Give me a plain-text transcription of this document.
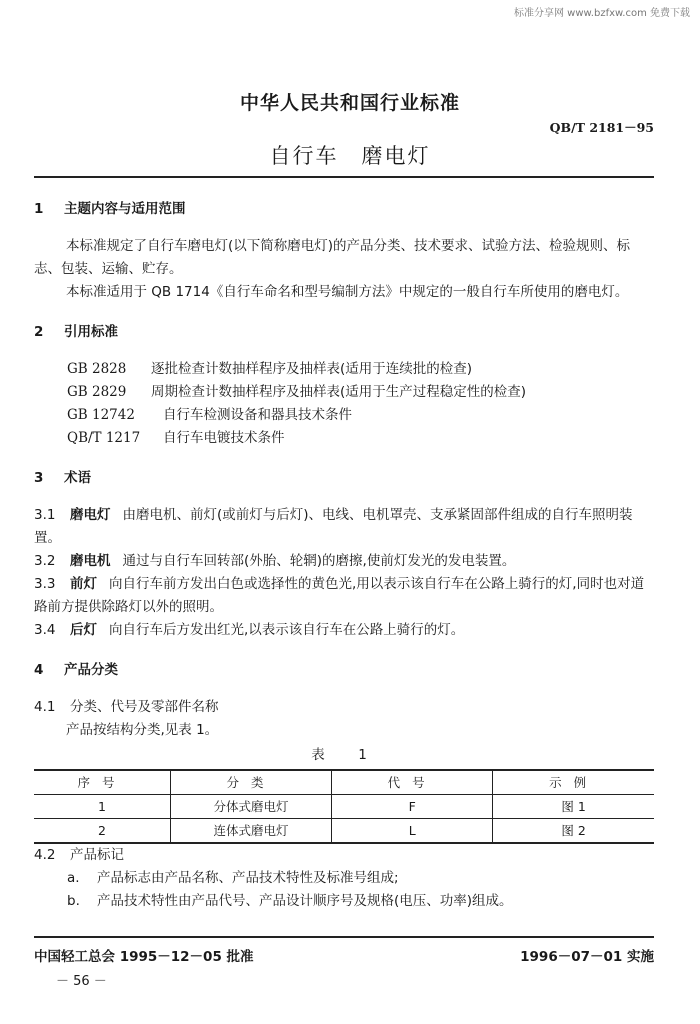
标准分享网 www.bzfxw.com 免费下载
中华人民共和国行业标准
QB/T 2181－95
自行车　磨电灯
1 主题内容与适用范围

本标准规定了自行车磨电灯(以下简称磨电灯)的产品分类、技术要求、试验方法、检验规则、标志、包装、运输、贮存。

本标准适用于 QB 1714《自行车命名和型号编制方法》中规定的一般自行车所使用的磨电灯。

2 引用标准

GB 2828 逐批检查计数抽样程序及抽样表(适用于连续批的检查)

GB 2829 周期检查计数抽样程序及抽样表(适用于生产过程稳定性的检查)

GB 12742 自行车检测设备和器具技术条件

QB/T 1217 自行车电镀技术条件

3 术语

3.1 磨电灯 由磨电机、前灯(或前灯与后灯)、电线、电机罩壳、支承紧固部件组成的自行车照明装置。

3.2 磨电机 通过与自行车回转部(外胎、轮辋)的磨擦,使前灯发光的发电装置。

3.3 前灯 向自行车前方发出白色或选择性的黄色光,用以表示该自行车在公路上骑行的灯,同时也对道路前方提供除路灯以外的照明。

3.4 后灯 向自行车后方发出红光,以表示该自行车在公路上骑行的灯。

4 产品分类

4.1 分类、代号及零部件名称

产品按结构分类,见表 1。

表　1
序号	分类	代号	示例
1	分体式磨电灯	F	图 1
2	连体式磨电灯	L	图 2

4.2 产品标记

a. 产品标志由产品名称、产品技术特性及标准号组成;

b. 产品技术特性由产品代号、产品设计顺序号及规格(电压、功率)组成。

中国轻工总会 1995－12－05 批准	1996－07－01 实施
－ 56 －
